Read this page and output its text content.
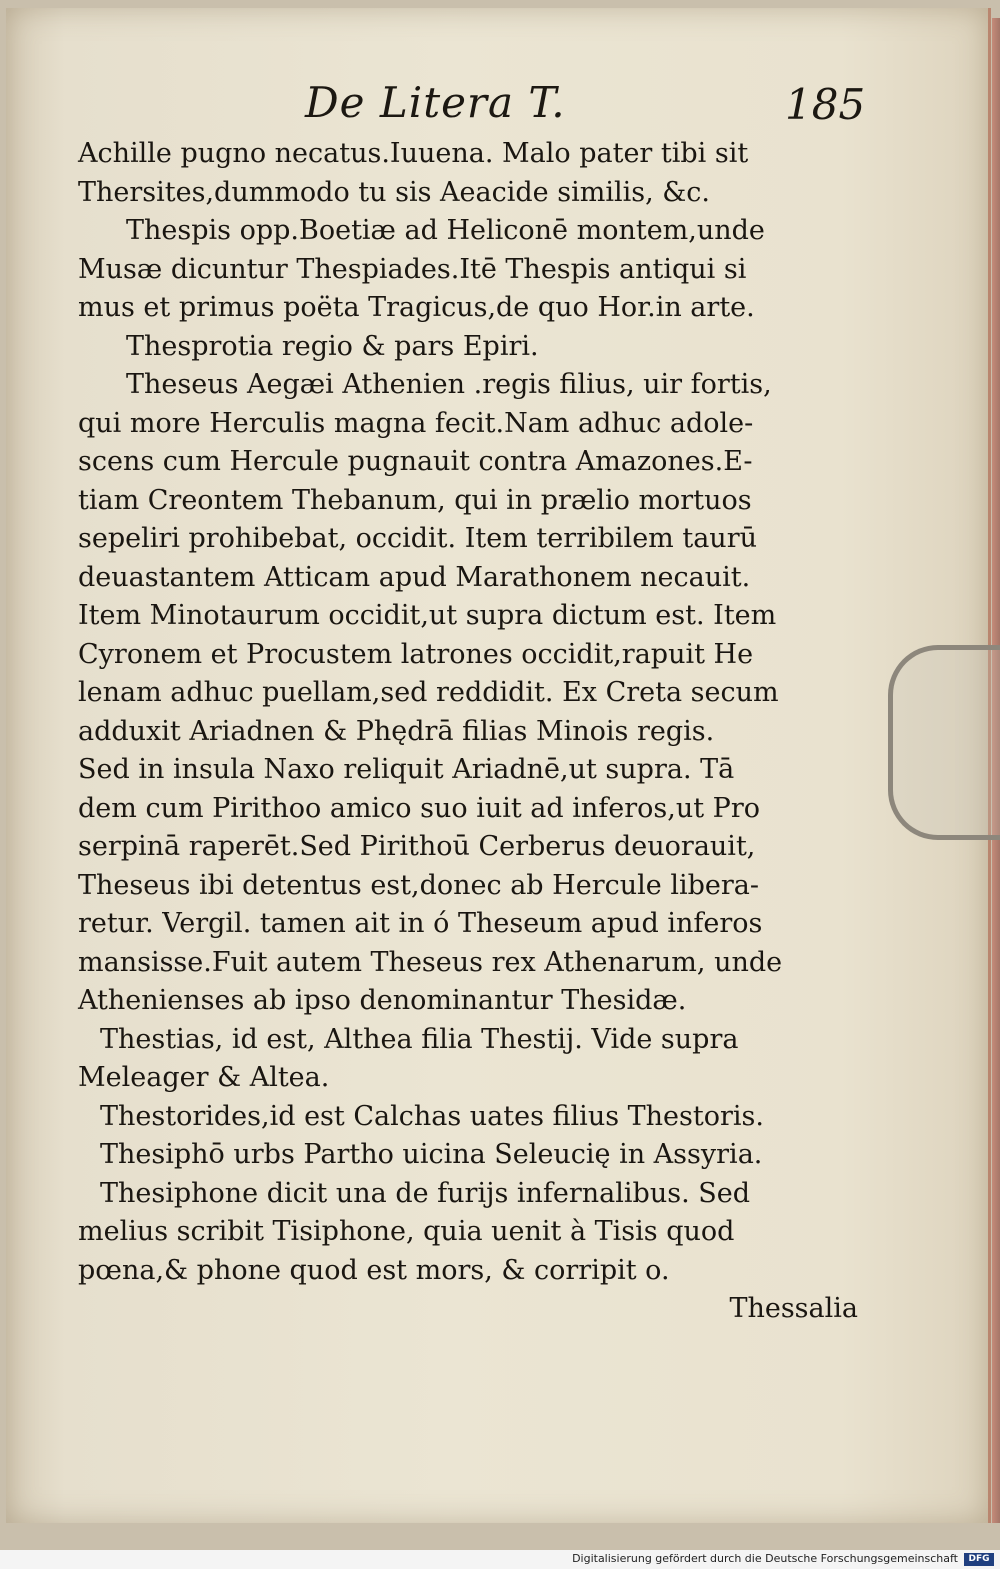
De Litera T.	185
Achille pugno necatus.Iuuena. Malo pater tibi sit
Thersites,dummodo tu sis Aeacide similis, &c.
Thespis opp.Boetiæ ad Heliconē montem,unde
Musæ dicuntur Thespiades.Itē Thespis antiqui si
mus et primus poëta Tragicus,de quo Hor.in arte.
Thesprotia regio & pars Epiri.
Theseus Aegæi Athenien .regis filius, uir fortis,
qui more Herculis magna fecit.Nam adhuc adole-
scens cum Hercule pugnauit contra Amazones.E-
tiam Creontem Thebanum, qui in prælio mortuos
sepeliri prohibebat, occidit. Item terribilem taurū
deuastantem Atticam apud Marathonem necauit.
Item Minotaurum occidit,ut supra dictum est. Item
Cyronem et Procustem latrones occidit,rapuit He
lenam adhuc puellam,sed reddidit. Ex Creta secum
adduxit Ariadnen & Phędrā filias Minois regis.
Sed in insula Naxo reliquit Ariadnē,ut supra. Tā
dem cum Pirithoo amico suo iuit ad inferos,ut Pro
serpinā raperēt.Sed Pirithoū Cerberus deuorauit,
Theseus ibi detentus est,donec ab Hercule libera-
retur. Vergil. tamen ait in ó Theseum apud inferos
mansisse.Fuit autem Theseus rex Athenarum, unde
Athenienses ab ipso denominantur Thesidæ.
Thestias, id est, Althea filia Thestij. Vide supra
Meleager & Altea.
Thestorides,id est Calchas uates filius Thestoris.
Thesiphō urbs Partho uicina Seleucię in Assyria.
Thesiphone dicit una de furijs infernalibus. Sed
melius scribit Tisiphone, quia uenit à Tisis quod
pœna,& phone quod est mors, & corripit o.
Thessalia
Digitalisierung gefördert durch die Deutsche Forschungsgemeinschaft	DFG
